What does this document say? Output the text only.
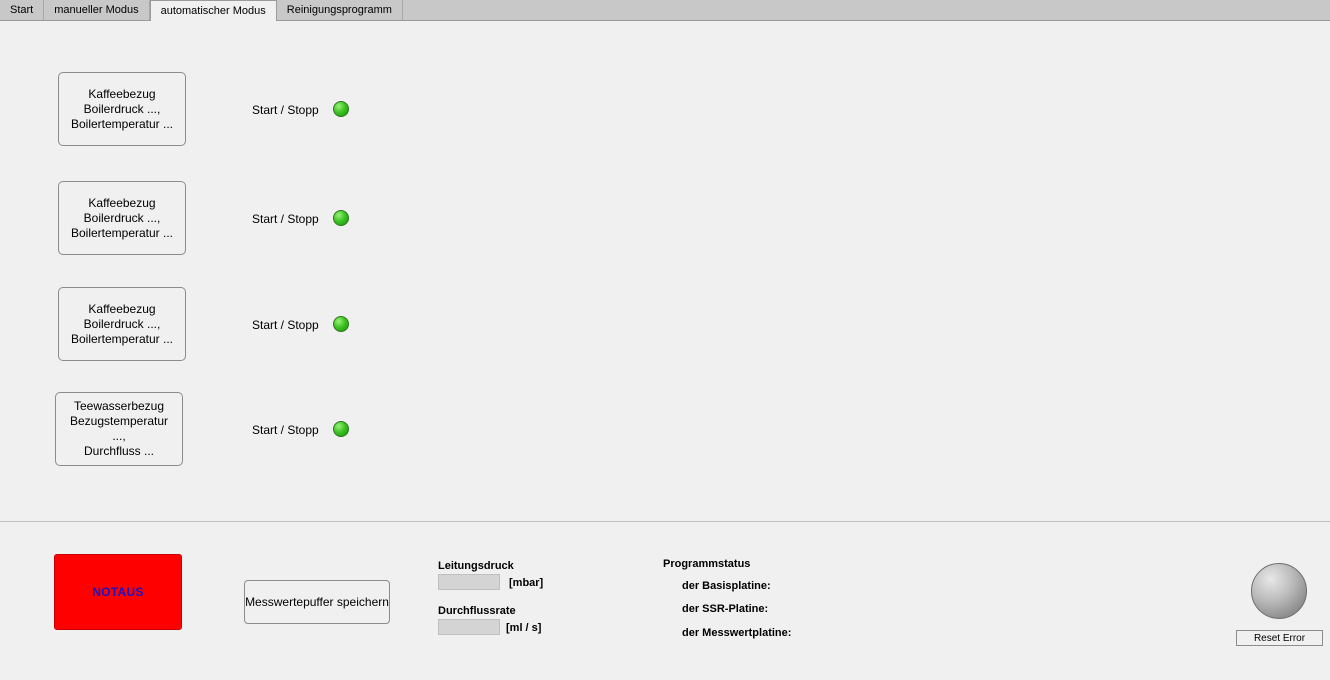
Start	manueller Modus	automatischer Modus	Reinigungsprogramm
Kaffeebezug
Boilerdruck ...,
Boilertemperatur ...
Start / Stopp
Kaffeebezug
Boilerdruck ...,
Boilertemperatur ...
Start / Stopp
Kaffeebezug
Boilerdruck ...,
Boilertemperatur ...
Start / Stopp
Teewasserbezug
Bezugstemperatur ...,
Durchfluss ...
Start / Stopp
NOTAUS
Messwertepuffer speichern
Leitungsdruck
[mbar]
Durchflussrate
[ml / s]
Programmstatus
der Basisplatine:
der SSR-Platine:
der Messwertplatine:	Reset Error
